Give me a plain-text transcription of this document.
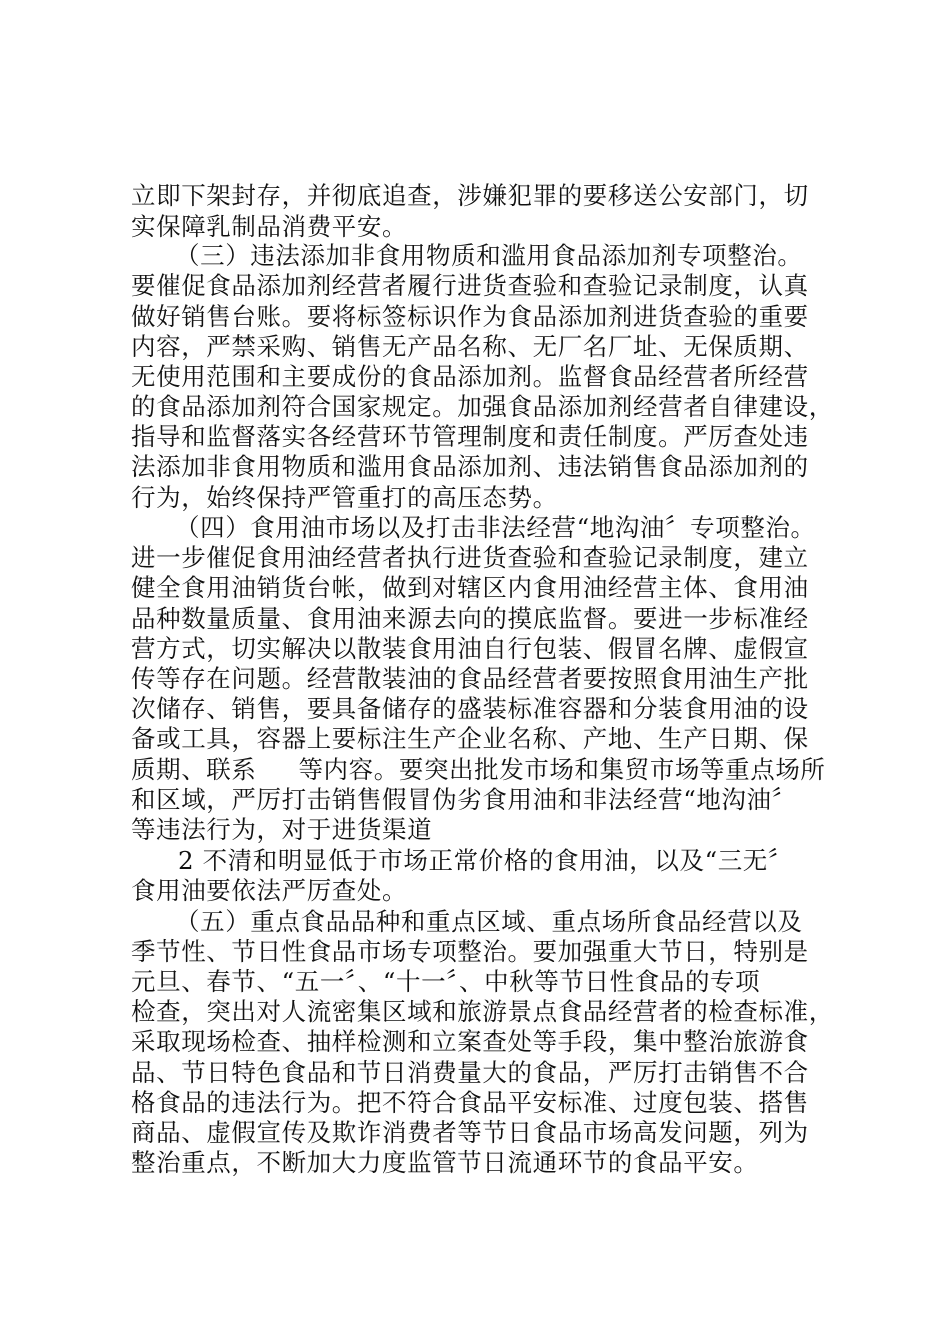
立即下架封存，并彻底追查，涉嫌犯罪的要移送公安部门，切
实保障乳制品消费平安。
（三）违法添加非食用物质和滥用食品添加剂专项整治。
要催促食品添加剂经营者履行进货查验和查验记录制度，认真
做好销售台账。要将标签标识作为食品添加剂进货查验的重要
内容，严禁采购、销售无产品名称、无厂名厂址、无保质期、
无使用范围和主要成份的食品添加剂。监督食品经营者所经营
的食品添加剂符合国家规定。加强食品添加剂经营者自律建设，
指导和监督落实各经营环节管理制度和责任制度。严厉查处违
法添加非食用物质和滥用食品添加剂、违法销售食品添加剂的
行为，始终保持严管重打的高压态势。
（四）食用油市场以及打击非法经营“地沟油〞专项整治。
进一步催促食用油经营者执行进货查验和查验记录制度，建立
健全食用油销货台帐，做到对辖区内食用油经营主体、食用油
品种数量质量、食用油来源去向的摸底监督。要进一步标准经
营方式，切实解决以散装食用油自行包装、假冒名牌、虚假宣
传等存在问题。经营散装油的食品经营者要按照食用油生产批
次储存、销售，要具备储存的盛装标准容器和分装食用油的设
备或工具，容器上要标注生产企业名称、产地、生产日期、保
质期、联系     等内容。要突出批发市场和集贸市场等重点场所
和区域，严厉打击销售假冒伪劣食用油和非法经营“地沟油〞
等违法行为，对于进货渠道
2 不清和明显低于市场正常价格的食用油，以及“三无〞
食用油要依法严厉查处。
（五）重点食品品种和重点区域、重点场所食品经营以及
季节性、节日性食品市场专项整治。要加强重大节日，特别是
元旦、春节、“五一〞、“十一〞、中秋等节日性食品的专项
检查，突出对人流密集区域和旅游景点食品经营者的检查标准，
采取现场检查、抽样检测和立案查处等手段，集中整治旅游食
品、节日特色食品和节日消费量大的食品，严厉打击销售不合
格食品的违法行为。把不符合食品平安标准、过度包装、搭售
商品、虚假宣传及欺诈消费者等节日食品市场高发问题，列为
整治重点，不断加大力度监管节日流通环节的食品平安。
